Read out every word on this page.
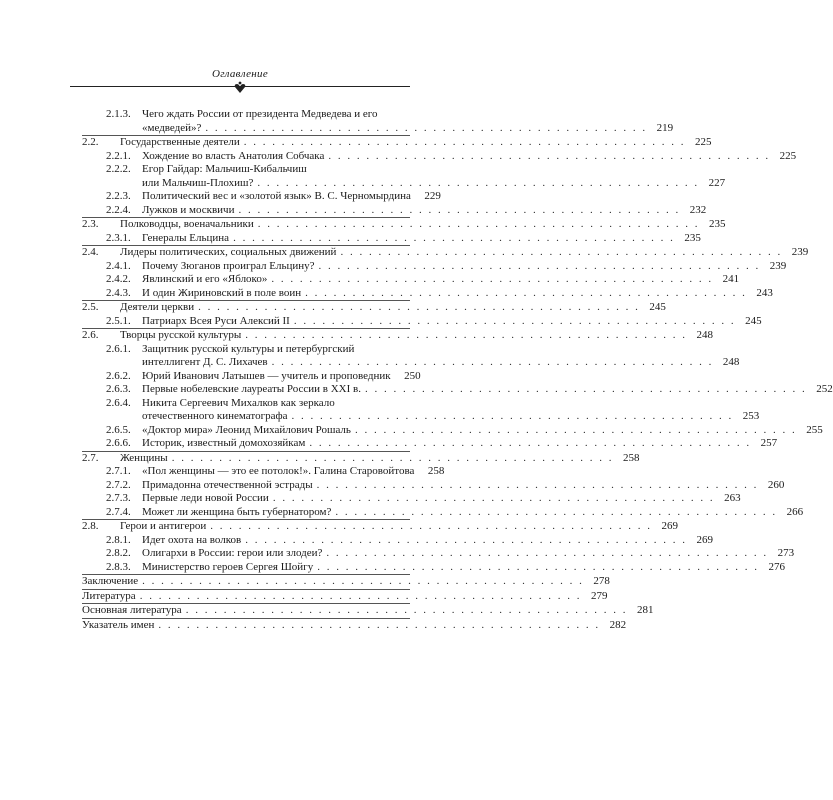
Оглавление
2.1.3.	Чего ждать России от президента Медведева и его
«медведей»? . . . . . . . . . . . . . . . . . . . . . . . . . . . . . . . . . . . . . . . . . . . . . . . 219
2.2. Государственные деятели . . . . . . . . . . . . . . . . . . . . . . . . . . . . . . . . . . . . . . . . . . . . . . . 225
2.2.1. Хождение во власть Анатолия Собчака . . . . . . . . . . . . . . . . . . . . . . . . . . . . . . . . . . . . . . . . . . . . . . . 225
2.2.2.	Егор Гайдар: Мальчиш-Кибальчиш
или Мальчиш-Плохиш? . . . . . . . . . . . . . . . . . . . . . . . . . . . . . . . . . . . . . . . . . . . . . . . 227
2.2.3. Политический вес и «золотой язык» В. С. Черномырдина	229
2.2.4. Лужков и москвичи . . . . . . . . . . . . . . . . . . . . . . . . . . . . . . . . . . . . . . . . . . . . . . . 232
2.3. Полководцы, военачальники . . . . . . . . . . . . . . . . . . . . . . . . . . . . . . . . . . . . . . . . . . . . . . . 235
2.3.1. Генералы Ельцина . . . . . . . . . . . . . . . . . . . . . . . . . . . . . . . . . . . . . . . . . . . . . . . 235
2.4. Лидеры политических, социальных движений . . . . . . . . . . . . . . . . . . . . . . . . . . . . . . . . . . . . . . . . . . . . . . . 239
2.4.1. Почему Зюганов проиграл Ельцину? . . . . . . . . . . . . . . . . . . . . . . . . . . . . . . . . . . . . . . . . . . . . . . . 239
2.4.2. Явлинский и его «Яблоко» . . . . . . . . . . . . . . . . . . . . . . . . . . . . . . . . . . . . . . . . . . . . . . . 241
2.4.3. И один Жириновский в поле воин . . . . . . . . . . . . . . . . . . . . . . . . . . . . . . . . . . . . . . . . . . . . . . . 243
2.5. Деятели церкви . . . . . . . . . . . . . . . . . . . . . . . . . . . . . . . . . . . . . . . . . . . . . . . 245
2.5.1. Патриарх Всея Руси Алексий II . . . . . . . . . . . . . . . . . . . . . . . . . . . . . . . . . . . . . . . . . . . . . . . 245
2.6. Творцы русской культуры . . . . . . . . . . . . . . . . . . . . . . . . . . . . . . . . . . . . . . . . . . . . . . . 248
2.6.1.	Защитник русской культуры и петербургский
интеллигент Д. С. Лихачев . . . . . . . . . . . . . . . . . . . . . . . . . . . . . . . . . . . . . . . . . . . . . . . 248
2.6.2. Юрий Иванович Латышев — учитель и проповедник	250
2.6.3. Первые нобелевские лауреаты России в XXI в. . . . . . . . . . . . . . . . . . . . . . . . . . . . . . . . . . . . . . . . . . . . . . . . 252
2.6.4.	Никита Сергеевич Михалков как зеркало
отечественного кинематографа . . . . . . . . . . . . . . . . . . . . . . . . . . . . . . . . . . . . . . . . . . . . . . . 253
2.6.5. «Доктор мира» Леонид Михайлович Рошаль . . . . . . . . . . . . . . . . . . . . . . . . . . . . . . . . . . . . . . . . . . . . . . . 255
2.6.6. Историк, известный домохозяйкам . . . . . . . . . . . . . . . . . . . . . . . . . . . . . . . . . . . . . . . . . . . . . . . 257
2.7. Женщины . . . . . . . . . . . . . . . . . . . . . . . . . . . . . . . . . . . . . . . . . . . . . . . 258
2.7.1. «Пол женщины — это ее потолок!». Галина Старовойтова	258
2.7.2. Примадонна отечественной эстрады . . . . . . . . . . . . . . . . . . . . . . . . . . . . . . . . . . . . . . . . . . . . . . . 260
2.7.3. Первые леди новой России . . . . . . . . . . . . . . . . . . . . . . . . . . . . . . . . . . . . . . . . . . . . . . . 263
2.7.4. Может ли женщина быть губернатором? . . . . . . . . . . . . . . . . . . . . . . . . . . . . . . . . . . . . . . . . . . . . . . . 266
2.8. Герои и антигерои . . . . . . . . . . . . . . . . . . . . . . . . . . . . . . . . . . . . . . . . . . . . . . . 269
2.8.1. Идет охота на волков . . . . . . . . . . . . . . . . . . . . . . . . . . . . . . . . . . . . . . . . . . . . . . . 269
2.8.2. Олигархи в России: герои или злодеи? . . . . . . . . . . . . . . . . . . . . . . . . . . . . . . . . . . . . . . . . . . . . . . . 273
2.8.3. Министерство героев Сергея Шойгу . . . . . . . . . . . . . . . . . . . . . . . . . . . . . . . . . . . . . . . . . . . . . . . 276
Заключение . . . . . . . . . . . . . . . . . . . . . . . . . . . . . . . . . . . . . . . . . . . . . . . 278
Литература . . . . . . . . . . . . . . . . . . . . . . . . . . . . . . . . . . . . . . . . . . . . . . . 279
Основная литература . . . . . . . . . . . . . . . . . . . . . . . . . . . . . . . . . . . . . . . . . . . . . . . 281
Указатель имен . . . . . . . . . . . . . . . . . . . . . . . . . . . . . . . . . . . . . . . . . . . . . . . 282
